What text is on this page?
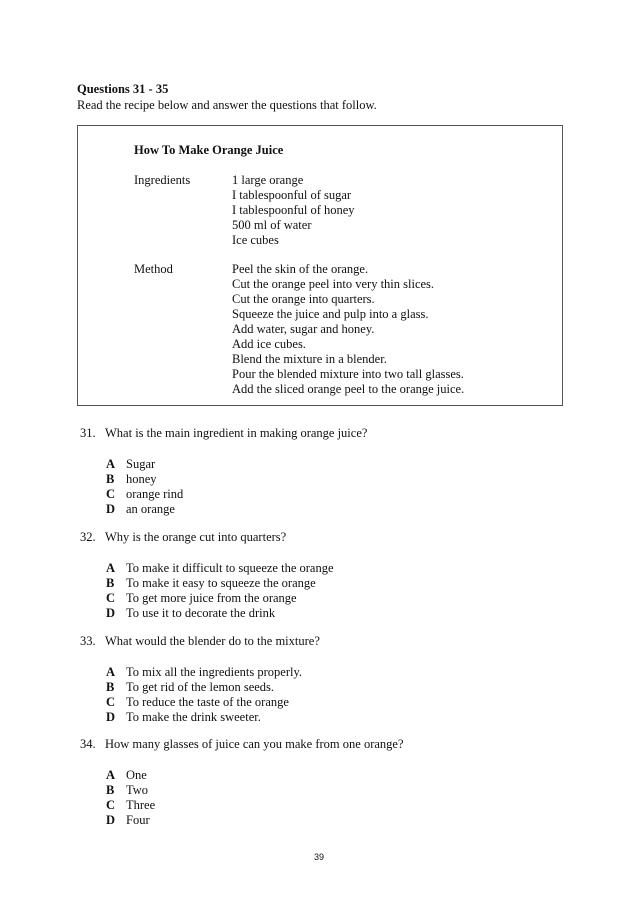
Questions 31 - 35
Read the recipe below and answer the questions that follow.
How To Make Orange Juice
Ingredients	1 large orange
I tablespoonful of sugar
I tablespoonful of honey
500 ml of water
Ice cubes
Method	Peel the skin of the orange.
Cut the orange peel into very thin slices.
Cut the orange into quarters.
Squeeze the juice and pulp into a glass.
Add water, sugar and honey.
Add ice cubes.
Blend the mixture in a blender.
Pour the blended mixture into two tall glasses.
Add the sliced orange peel to the orange juice.
31. What is the main ingredient in making orange juice?
A Sugar
B honey
C orange rind
D an orange
32. Why is the orange cut into quarters?
A To make it difficult to squeeze the orange
B To make it easy to squeeze the orange
C To get more juice from the orange
D To use it to decorate the drink
33. What would the blender do to the mixture?
A To mix all the ingredients properly.
B To get rid of the lemon seeds.
C To reduce the taste of the orange
D To make the drink sweeter.
34. How many glasses of juice can you make from one orange?
A One
B Two
C Three
D Four
39
